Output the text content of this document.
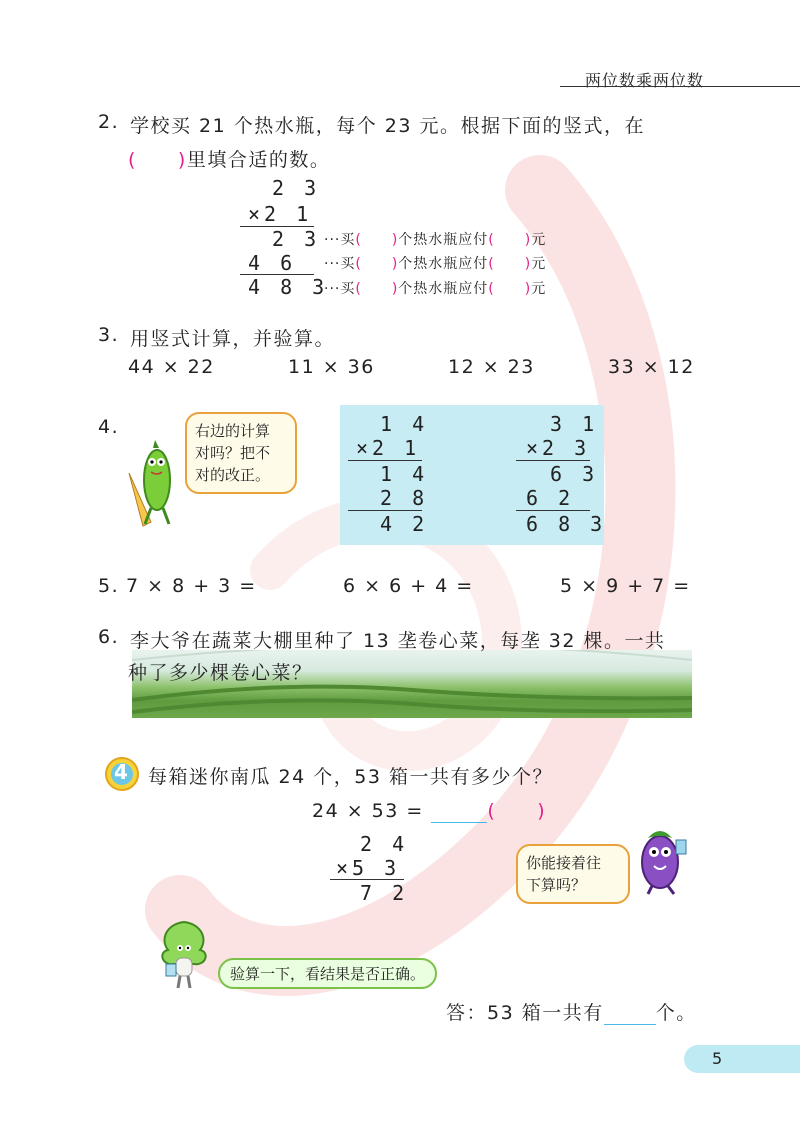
两位数乘两位数
2. 学校买 21 个热水瓶，每个 23 元。根据下面的竖式，在
(　　)里填合适的数。
2 3
×2 1
2 3
4 6
4 8 3
···买(　　)个热水瓶应付(　　)元
···买(　　)个热水瓶应付(　　)元
···买(　　)个热水瓶应付(　　)元
3. 用竖式计算，并验算。
44 × 22	11 × 36	12 × 23	33 × 12
4.	右边的计算
对吗？把不
对的改正。
1 4
×2 1
1 4
2 8
4 2
3 1
×2 3
6 3
6 2
6 8 3
5. 7 × 8 + 3 =	6 × 6 + 4 =	5 × 9 + 7 =
6. 李大爷在蔬菜大棚里种了 13 垄卷心菜，每垄 32 棵。一共
种了多少棵卷心菜？
4 每箱迷你南瓜 24 个，53 箱一共有多少个？
24 × 53 =	(　　)
2 4
×5 3
7 2
你能接着往
下算吗？
验算一下，看结果是否正确。
答：53 箱一共有	个。
5
